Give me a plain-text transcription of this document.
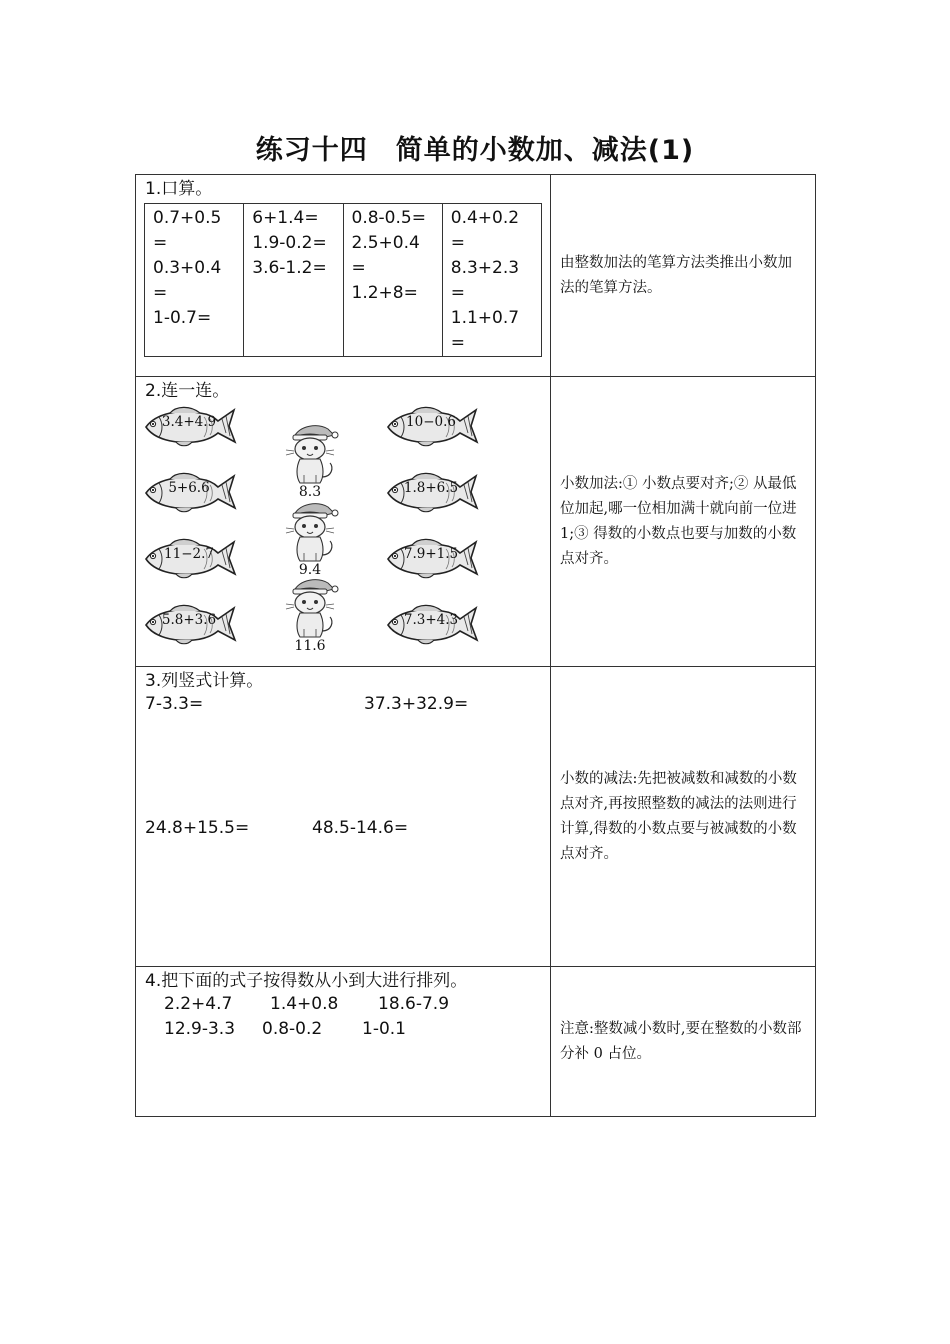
练习十四　简单的小数加、减法(1)
1.口算。
0.7+0.5=
0.3+0.4=
1-0.7=

6+1.4=
1.9-0.2=
3.6-1.2=

0.8-0.5=
2.5+0.4=
1.2+8=

0.4+0.2=
8.3+2.3=
1.1+0.7=

由整数加法的笔算方法类推出小数加法的笔算方法。

2.连一连。
3.4+4.9
5+6.6
11−2.7
5.8+3.6
8.3
9.4
11.6
10−0.6
1.8+6.5
7.9+1.5
7.3+4.3

小数加法:① 小数点要对齐;② 从最低位加起,哪一位相加满十就向前一位进 1;③ 得数的小数点也要与加数的小数点对齐。

3.列竖式计算。
7-3.3=	37.3+32.9=
24.8+15.5=	48.5-14.6=

小数的减法:先把被减数和减数的小数点对齐,再按照整数的减法的法则进行计算,得数的小数点要与被减数的小数点对齐。

4.把下面的式子按得数从小到大进行排列。
2.2+4.7 1.4+0.8 18.6-7.9
12.9-3.3 0.8-0.2 1-0.1	注意:整数减小数时,要在整数的小数部分补 0 占位。
